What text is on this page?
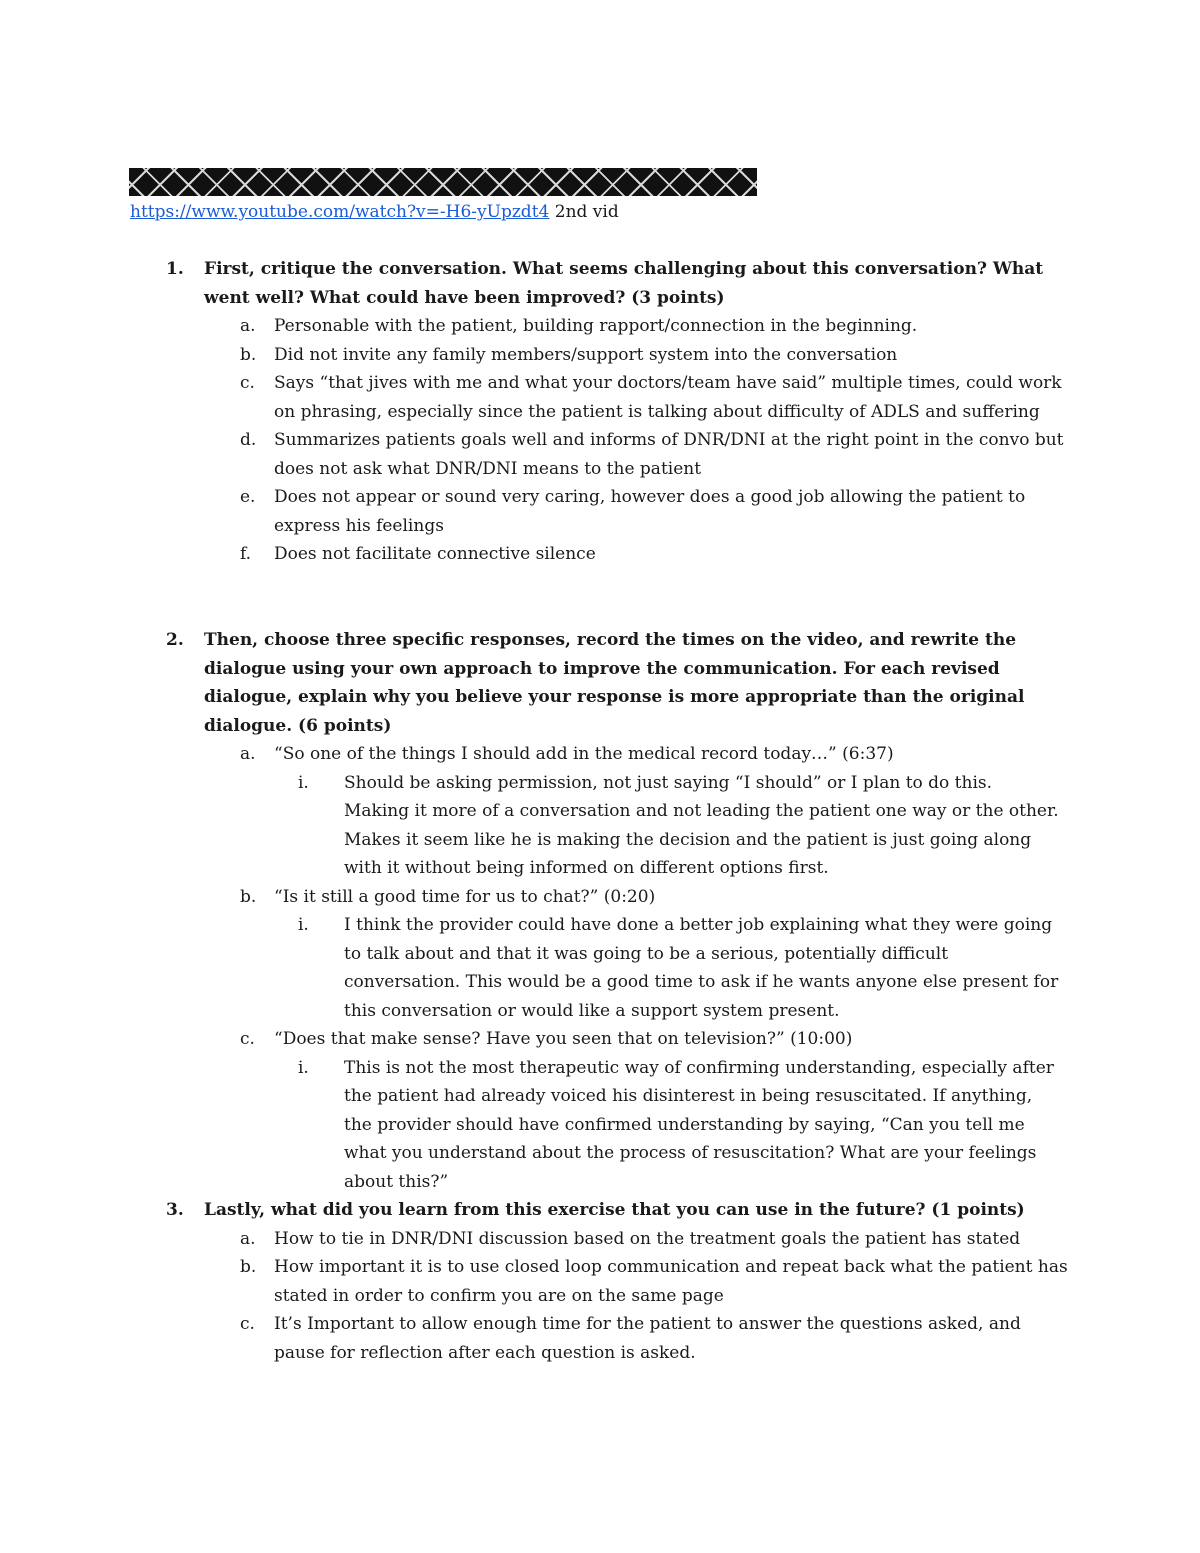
https://www.youtube.com/watch?v=-H6-yUpzdt4 2nd vid
1.	First, critique the conversation. What seems challenging about this conversation? What went well? What could have been improved? (3 points)
a.	Personable with the patient, building rapport/connection in the beginning.
b.	Did not invite any family members/support system into the conversation
c.	Says “that jives with me and what your doctors/team have said” multiple times, could work on phrasing, especially since the patient is talking about difficulty of ADLS and suffering
d.	Summarizes patients goals well and informs of DNR/DNI at the right point in the convo but does not ask what DNR/DNI means to the patient
e.	Does not appear or sound very caring, however does a good job allowing the patient to express his feelings
f.	Does not facilitate connective silence
2.	Then, choose three specific responses, record the times on the video, and rewrite the dialogue using your own approach to improve the communication. For each revised dialogue, explain why you believe your response is more appropriate than the original dialogue. (6 points)
a.	“So one of the things I should add in the medical record today…” (6:37)
i.	Should be asking permission, not just saying “I should” or I plan to do this. Making it more of a conversation and not leading the patient one way or the other. Makes it seem like he is making the decision and the patient is just going along with it without being informed on different options first.
b.	“Is it still a good time for us to chat?” (0:20)
i.	I think the provider could have done a better job explaining what they were going to talk about and that it was going to be a serious, potentially difficult conversation. This would be a good time to ask if he wants anyone else present for this conversation or would like a support system present.
c.	“Does that make sense? Have you seen that on television?” (10:00)
i.	This is not the most therapeutic way of confirming understanding, especially after the patient had already voiced his disinterest in being resuscitated. If anything, the provider should have confirmed understanding by saying, “Can you tell me what you understand about the process of resuscitation? What are your feelings about this?”
3.	Lastly, what did you learn from this exercise that you can use in the future? (1 points)
a.	How to tie in DNR/DNI discussion based on the treatment goals the patient has stated
b.	How important it is to use closed loop communication and repeat back what the patient has stated in order to confirm you are on the same page
c.	It’s Important to allow enough time for the patient to answer the questions asked, and pause for reflection after each question is asked.
